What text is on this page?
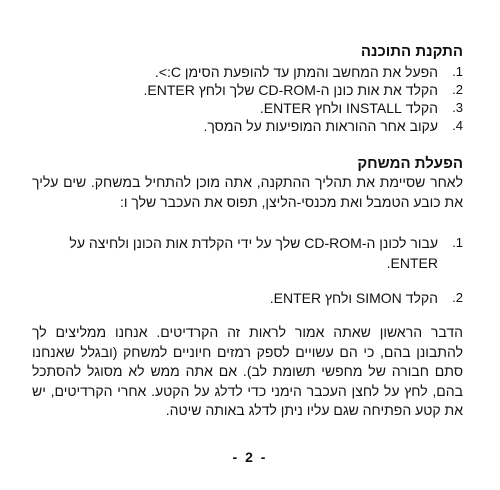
התקנת התוכנה
.1
הפעל את המחשב והמתן עד להופעת הסימן C:>.
.2
הקלד את אות כונן ה-CD-ROM שלך ולחץ ENTER.
.3
הקלד INSTALL ולחץ ENTER.
.4
עקוב אחר ההוראות המופיעות על המסך.
הפעלת המשחק

לאחר שסיימת את תהליך ההתקנה, אתה מוכן להתחיל במשחק. שים עליך את כובע הטמבל ואת מכנסי-הליצן, תפוס את העכבר שלך ו:

.1
עבור לכונן ה-CD-ROM שלך על ידי הקלדת אות הכונן ולחיצה על ENTER.
.2
הקלד SIMON ולחץ ENTER.

הדבר הראשון שאתה אמור לראות זה הקרדיטים. אנחנו ממליצים לך להתבונן בהם, כי הם עשויים לספק רמזים חיוניים למשחק (ובגלל שאנחנו סתם חבורה של מחפשי תשומת לב). אם אתה ממש לא מסוגל להסתכל בהם, לחץ על לחצן העכבר הימני כדי לדלג על הקטע. אחרי הקרדיטים, יש את קטע הפתיחה שגם עליו ניתן לדלג באותה שיטה.

- 2 -
